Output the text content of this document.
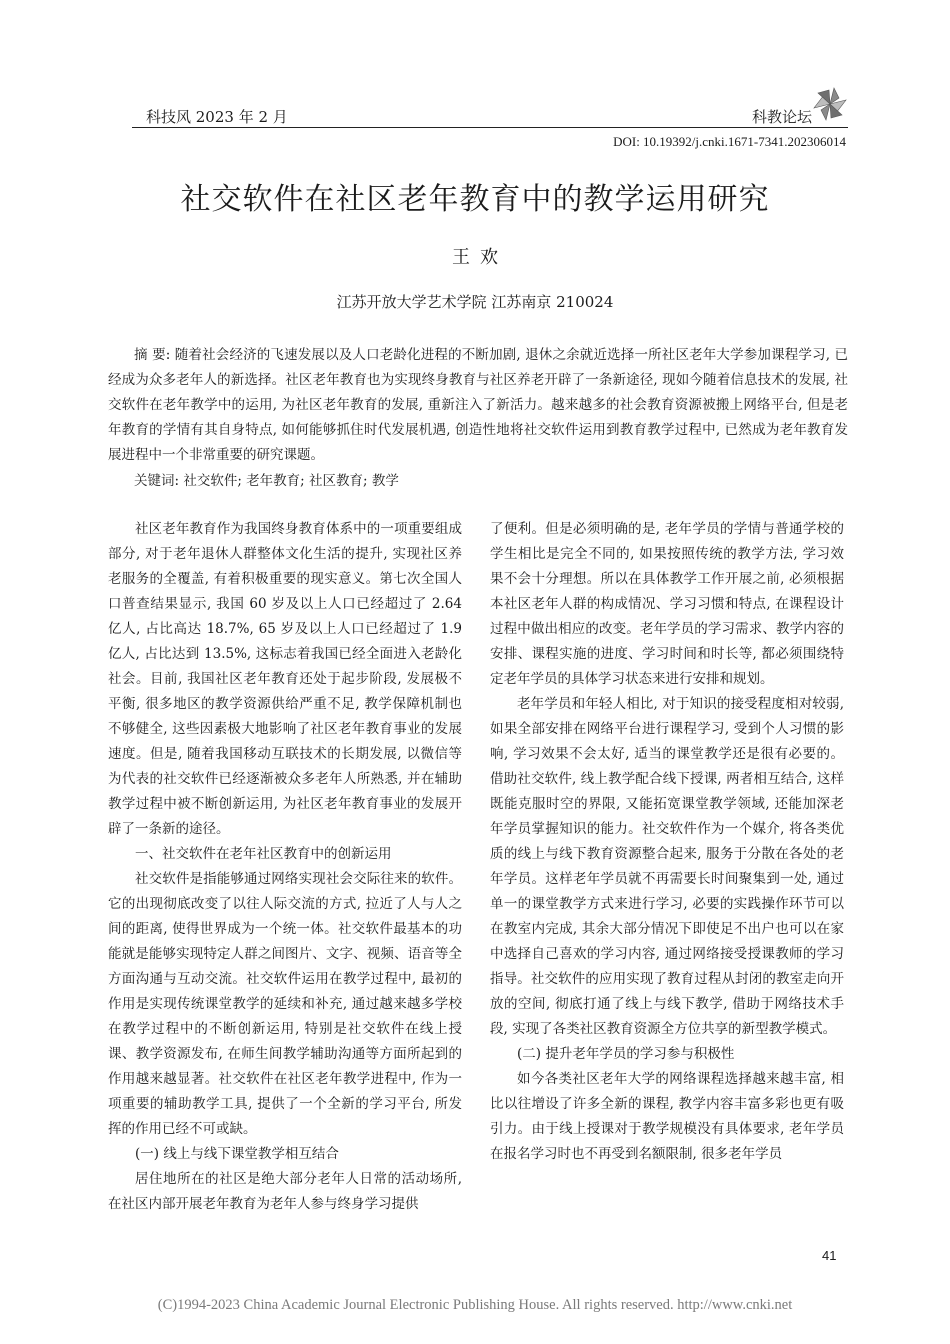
科技风 2023 年 2 月	科教论坛
DOI: 10.19392/j.cnki.1671-7341.202306014
社交软件在社区老年教育中的教学运用研究
王欢
江苏开放大学艺术学院 江苏南京 210024

摘 要: 随着社会经济的飞速发展以及人口老龄化进程的不断加剧, 退休之余就近选择一所社区老年大学参加课程学习, 已经成为众多老年人的新选择。社区老年教育也为实现终身教育与社区养老开辟了一条新途径, 现如今随着信息技术的发展, 社交软件在老年教学中的运用, 为社区老年教育的发展, 重新注入了新活力。越来越多的社会教育资源被搬上网络平台, 但是老年教育的学情有其自身特点, 如何能够抓住时代发展机遇, 创造性地将社交软件运用到教育教学过程中, 已然成为老年教育发展进程中一个非常重要的研究课题。

关键词: 社交软件; 老年教育; 社区教育; 教学

社区老年教育作为我国终身教育体系中的一项重要组成部分, 对于老年退休人群整体文化生活的提升, 实现社区养老服务的全覆盖, 有着积极重要的现实意义。第七次全国人口普查结果显示, 我国 60 岁及以上人口已经超过了 2.64 亿人, 占比高达 18.7%, 65 岁及以上人口已经超过了 1.9 亿人, 占比达到 13.5%, 这标志着我国已经全面进入老龄化社会。目前, 我国社区老年教育还处于起步阶段, 发展极不平衡, 很多地区的教学资源供给严重不足, 教学保障机制也不够健全, 这些因素极大地影响了社区老年教育事业的发展速度。但是, 随着我国移动互联技术的长期发展, 以微信等为代表的社交软件已经逐渐被众多老年人所熟悉, 并在辅助教学过程中被不断创新运用, 为社区老年教育事业的发展开辟了一条新的途径。

一、社交软件在老年社区教育中的创新运用

社交软件是指能够通过网络实现社会交际往来的软件。它的出现彻底改变了以往人际交流的方式, 拉近了人与人之间的距离, 使得世界成为一个统一体。社交软件最基本的功能就是能够实现特定人群之间图片、文字、视频、语音等全方面沟通与互动交流。社交软件运用在教学过程中, 最初的作用是实现传统课堂教学的延续和补充, 通过越来越多学校在教学过程中的不断创新运用, 特别是社交软件在线上授课、教学资源发布, 在师生间教学辅助沟通等方面所起到的作用越来越显著。社交软件在社区老年教学进程中, 作为一项重要的辅助教学工具, 提供了一个全新的学习平台, 所发挥的作用已经不可或缺。

(一) 线上与线下课堂教学相互结合

居住地所在的社区是绝大部分老年人日常的活动场所, 在社区内部开展老年教育为老年人参与终身学习提供

了便利。但是必须明确的是, 老年学员的学情与普通学校的学生相比是完全不同的, 如果按照传统的教学方法, 学习效果不会十分理想。所以在具体教学工作开展之前, 必须根据本社区老年人群的构成情况、学习习惯和特点, 在课程设计过程中做出相应的改变。老年学员的学习需求、教学内容的安排、课程实施的进度、学习时间和时长等, 都必须围绕特定老年学员的具体学习状态来进行安排和规划。

老年学员和年轻人相比, 对于知识的接受程度相对较弱, 如果全部安排在网络平台进行课程学习, 受到个人习惯的影响, 学习效果不会太好, 适当的课堂教学还是很有必要的。借助社交软件, 线上教学配合线下授课, 两者相互结合, 这样既能克服时空的界限, 又能拓宽课堂教学领域, 还能加深老年学员掌握知识的能力。社交软件作为一个媒介, 将各类优质的线上与线下教育资源整合起来, 服务于分散在各处的老年学员。这样老年学员就不再需要长时间聚集到一处, 通过单一的课堂教学方式来进行学习, 必要的实践操作环节可以在教室内完成, 其余大部分情况下即使足不出户也可以在家中选择自己喜欢的学习内容, 通过网络接受授课教师的学习指导。社交软件的应用实现了教育过程从封闭的教室走向开放的空间, 彻底打通了线上与线下教学, 借助于网络技术手段, 实现了各类社区教育资源全方位共享的新型教学模式。

(二) 提升老年学员的学习参与积极性

如今各类社区老年大学的网络课程选择越来越丰富, 相比以往增设了许多全新的课程, 教学内容丰富多彩也更有吸引力。由于线上授课对于教学规模没有具体要求, 老年学员在报名学习时也不再受到名额限制, 很多老年学员

41
(C)1994-2023 China Academic Journal Electronic Publishing House. All rights reserved. http://www.cnki.net
